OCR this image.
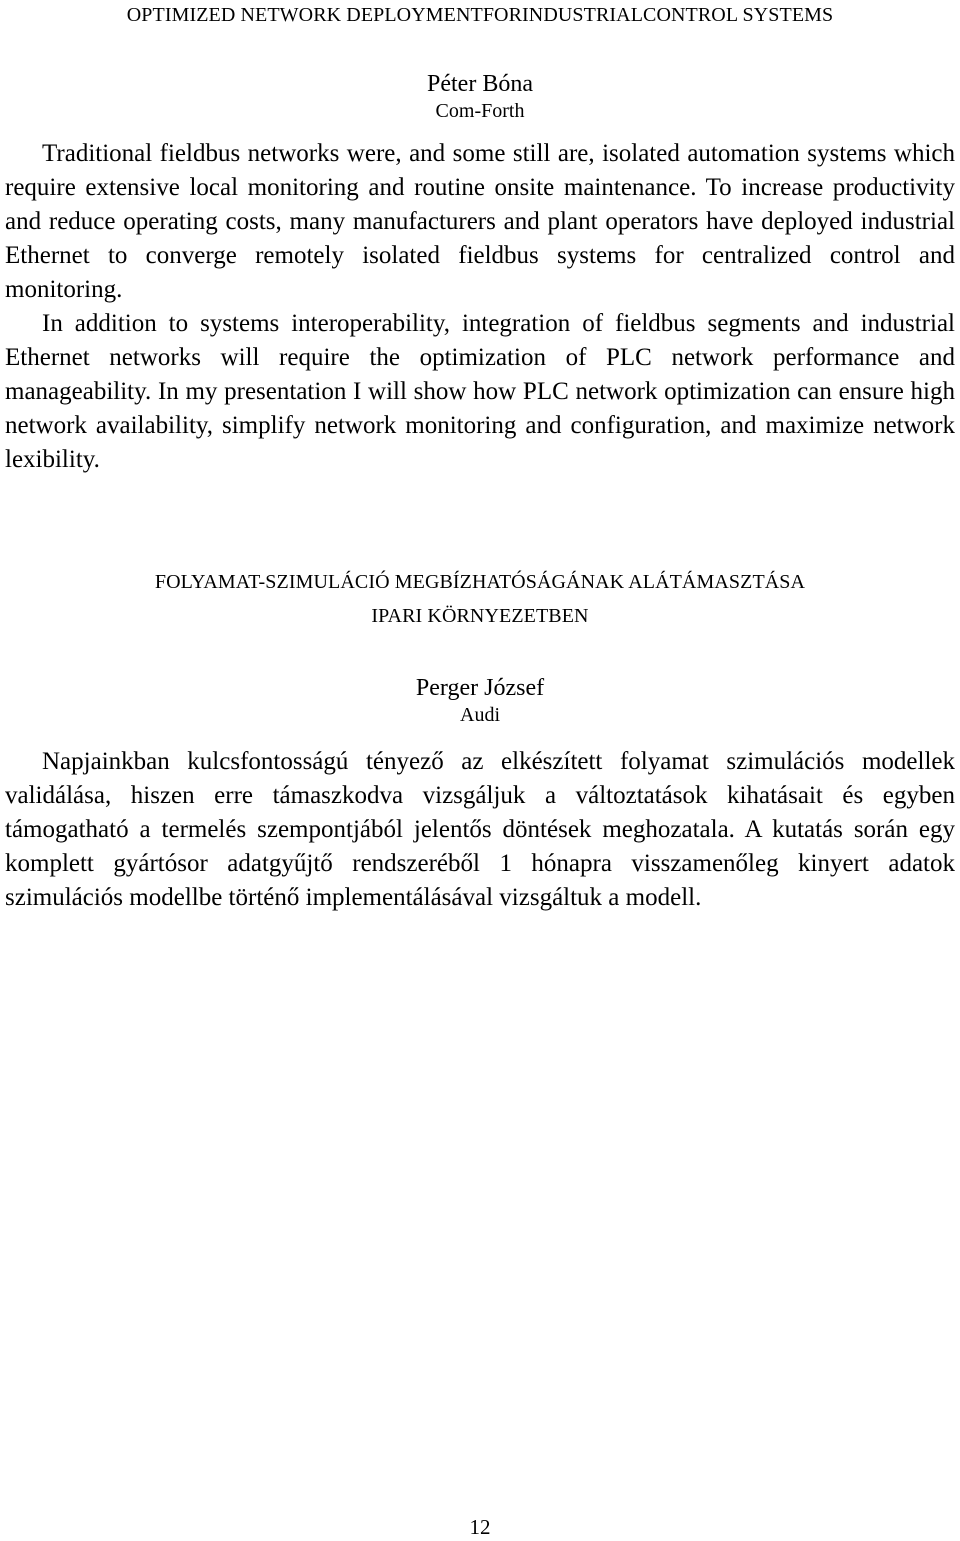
OPTIMIZED NETWORK DEPLOYMENTFORINDUSTRIALCONTROL SYSTEMS
Péter Bóna
Com-Forth

Traditional fieldbus networks were, and some still are, isolated automation systems which require extensive local monitoring and routine onsite maintenance. To increase productivity and reduce operating costs, many manufacturers and plant operators have deployed industrial Ethernet to converge remotely isolated fieldbus systems for centralized control and monitoring.

In addition to systems interoperability, integration of fieldbus segments and industrial Ethernet networks will require the optimization of PLC network performance and manageability. In my presentation I will show how PLC network optimization can ensure high network availability, simplify network monitoring and configuration, and maximize network lexibility.

FOLYAMAT-SZIMULÁCIÓ MEGBÍZHATÓSÁGÁNAK ALÁTÁMASZTÁSA
IPARI KÖRNYEZETBEN
Perger József
Audi

Napjainkban kulcsfontosságú tényező az elkészített folyamat szimulációs modellek validálása, hiszen erre támaszkodva vizsgáljuk a változtatások kihatásait és egyben támogatható a termelés szempontjából jelentős döntések meghozatala. A kutatás során egy komplett gyártósor adatgyűjtő rendszeréből 1 hónapra visszamenőleg kinyert adatok szimulációs modellbe történő implementálásával vizsgáltuk a modell.

12
